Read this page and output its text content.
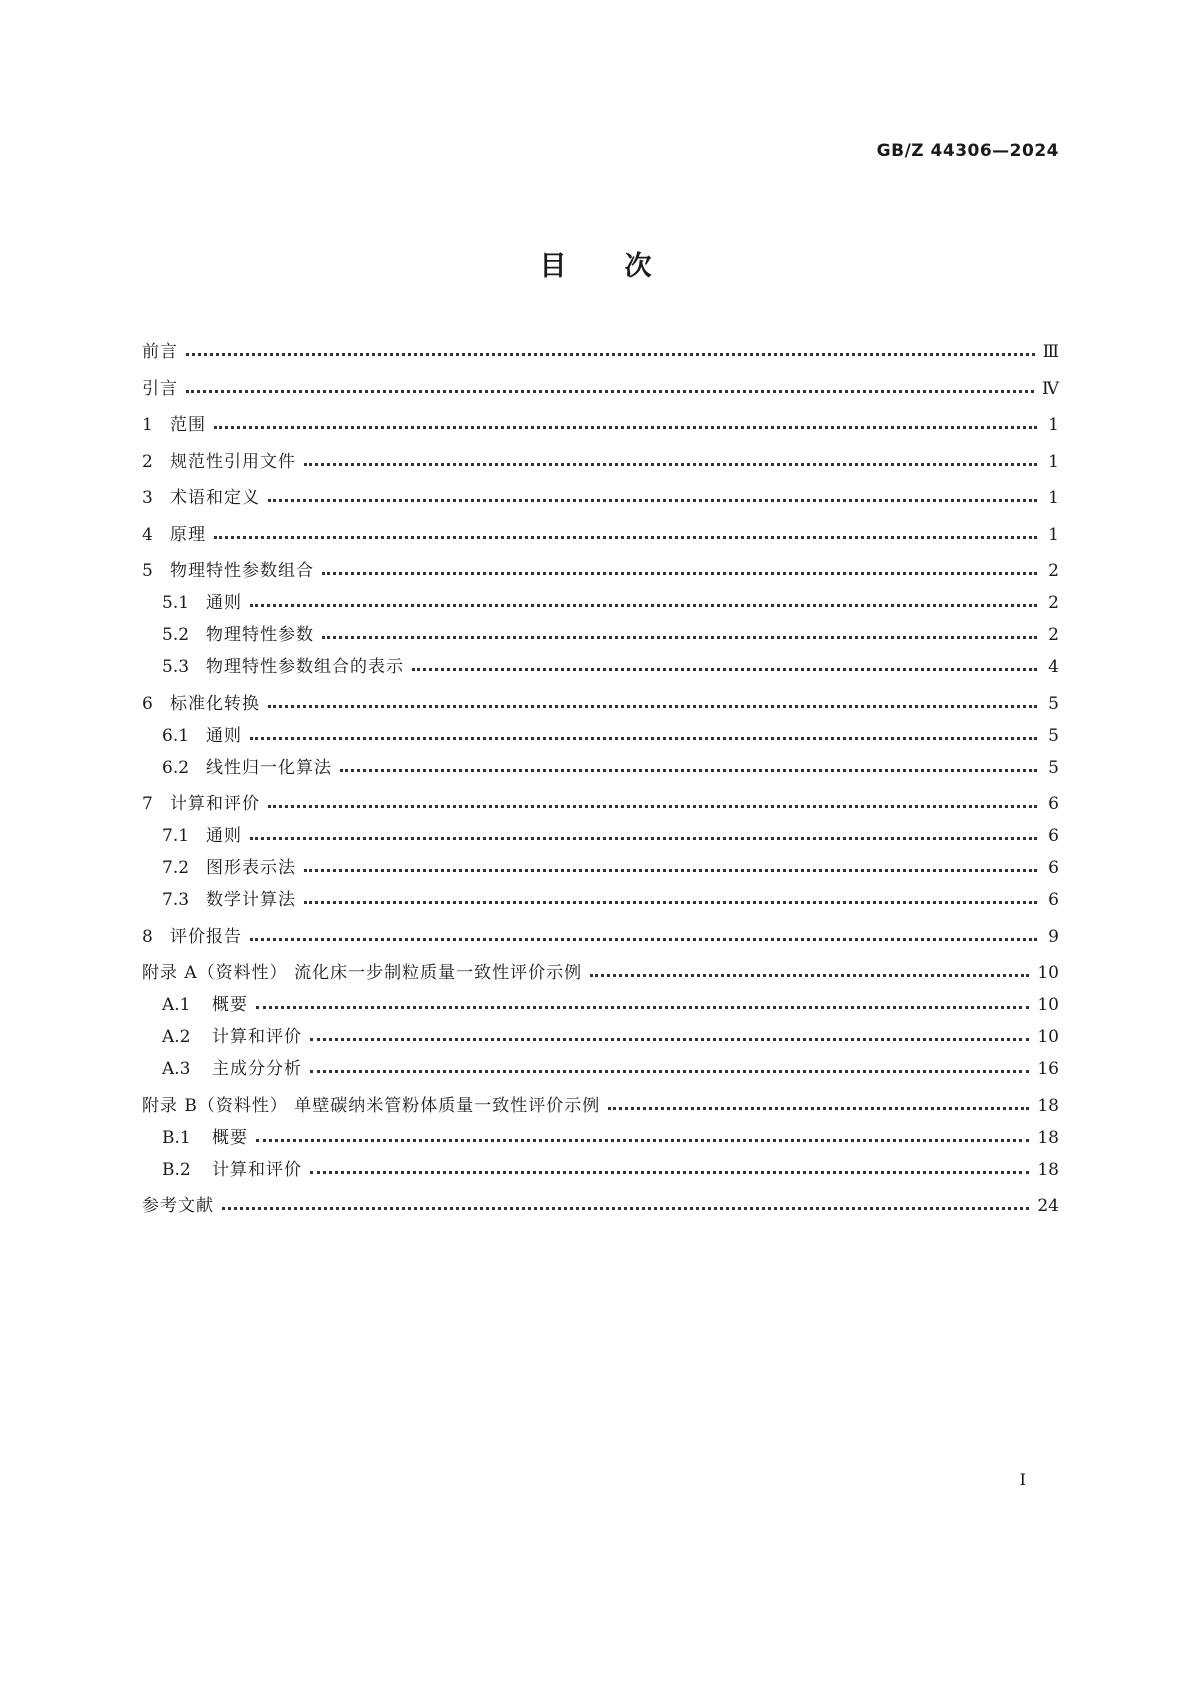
GB/Z 44306—2024
目 次
前言	Ⅲ
引言	Ⅳ
1 范围	1
2 规范性引用文件	1
3 术语和定义	1
4 原理	1
5 物理特性参数组合	2
5.1 通则	2
5.2 物理特性参数	2
5.3 物理特性参数组合的表示	4
6 标准化转换	5
6.1 通则	5
6.2 线性归一化算法	5
7 计算和评价	6
7.1 通则	6
7.2 图形表示法	6
7.3 数学计算法	6
8 评价报告	9
附录 A（资料性） 流化床一步制粒质量一致性评价示例	10
A.1	概要	10
A.2	计算和评价	10
A.3	主成分分析	16
附录 B（资料性） 单壁碳纳米管粉体质量一致性评价示例	18
B.1	概要	18
B.2	计算和评价	18
参考文献	24
Ⅰ
